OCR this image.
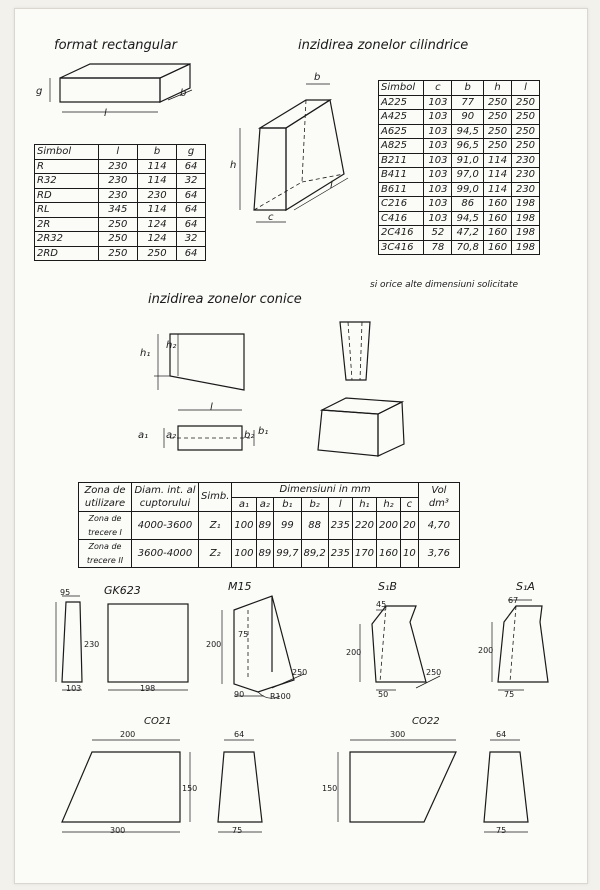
format rectangular	inzidirea zonelor cilindrice
inzidirea zonelor conice
g
l
b
Simbol	l	b	g
R	230	114	64
R32	230	114	32
RD	230	230	64
RL	345	114	64
2R	250	124	64
2R32	250	124	32
2RD	250	250	64
b
h
c
l
Simbol	c	b	h	l
A225	103	77	250	250
A425	103	90	250	250
A625	103	94,5	250	250
A825	103	96,5	250	250
B211	103	91,0	114	230
B411	103	97,0	114	230
B611	103	99,0	114	230
C216	103	86	160	198
C416	103	94,5	160	198
2C416	52	47,2	160	198
3C416	78	70,8	160	198
si orice alte dimensiuni solicitate
h₁
h₂
l
a₁ a₂	b₂ b₁
Zona de utilizare	Diam. int. al cuptorului	Simb.	Dimensiuni in mm								Vol dm³
			a₁	a₂	b₁	b₂	l	h₁	h₂	c	
Zona de trecere I	4000-3600	Z₁	100	89	99	88	235	220	200	20	4,70
Zona de trecere II	3600-4000	Z₂	100	89	99,7	89,2	235	170	160	10	3,76
95	GK623
230
103	198
M15
200
75
90
250
R100
S₁B
45
200
50
250
S₁A
67
200
75
CO21
200
150
300
64
75
CO22
300
150
64
75
